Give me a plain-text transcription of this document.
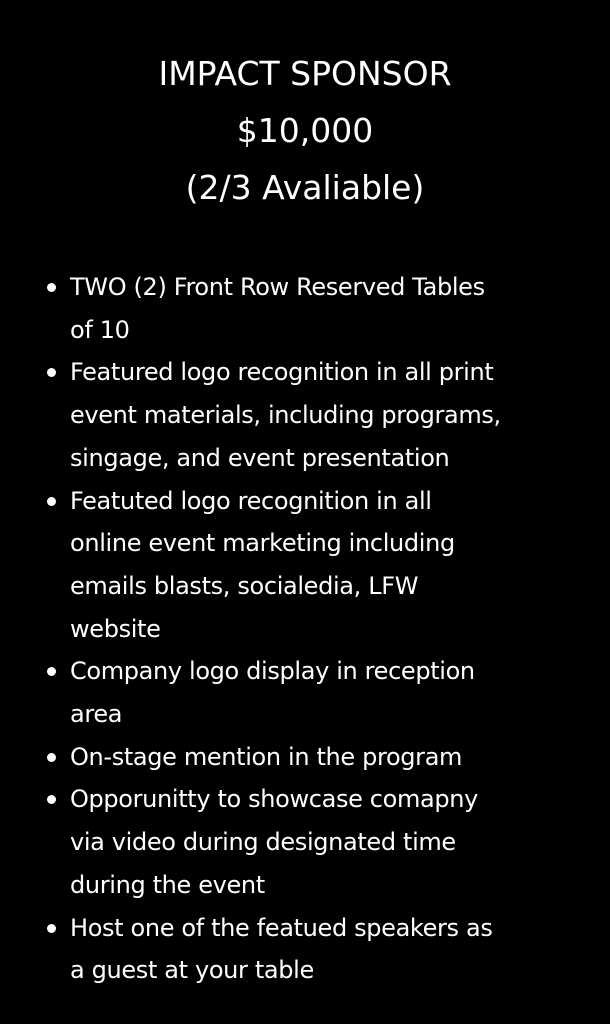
IMPACT SPONSOR
$10,000
(2/3 Avaliable)
TWO (2) Front Row Reserved Tables
of 10
Featured logo recognition in all print
event materials, including programs,
singage, and event presentation
Featuted logo recognition in all
online event marketing including
emails blasts, socialedia, LFW
website
Company logo display in reception
area
On-stage mention in the program
Opporunitty to showcase comapny
via video during designated time
during the event
Host one of the featued speakers as
a guest at your table
